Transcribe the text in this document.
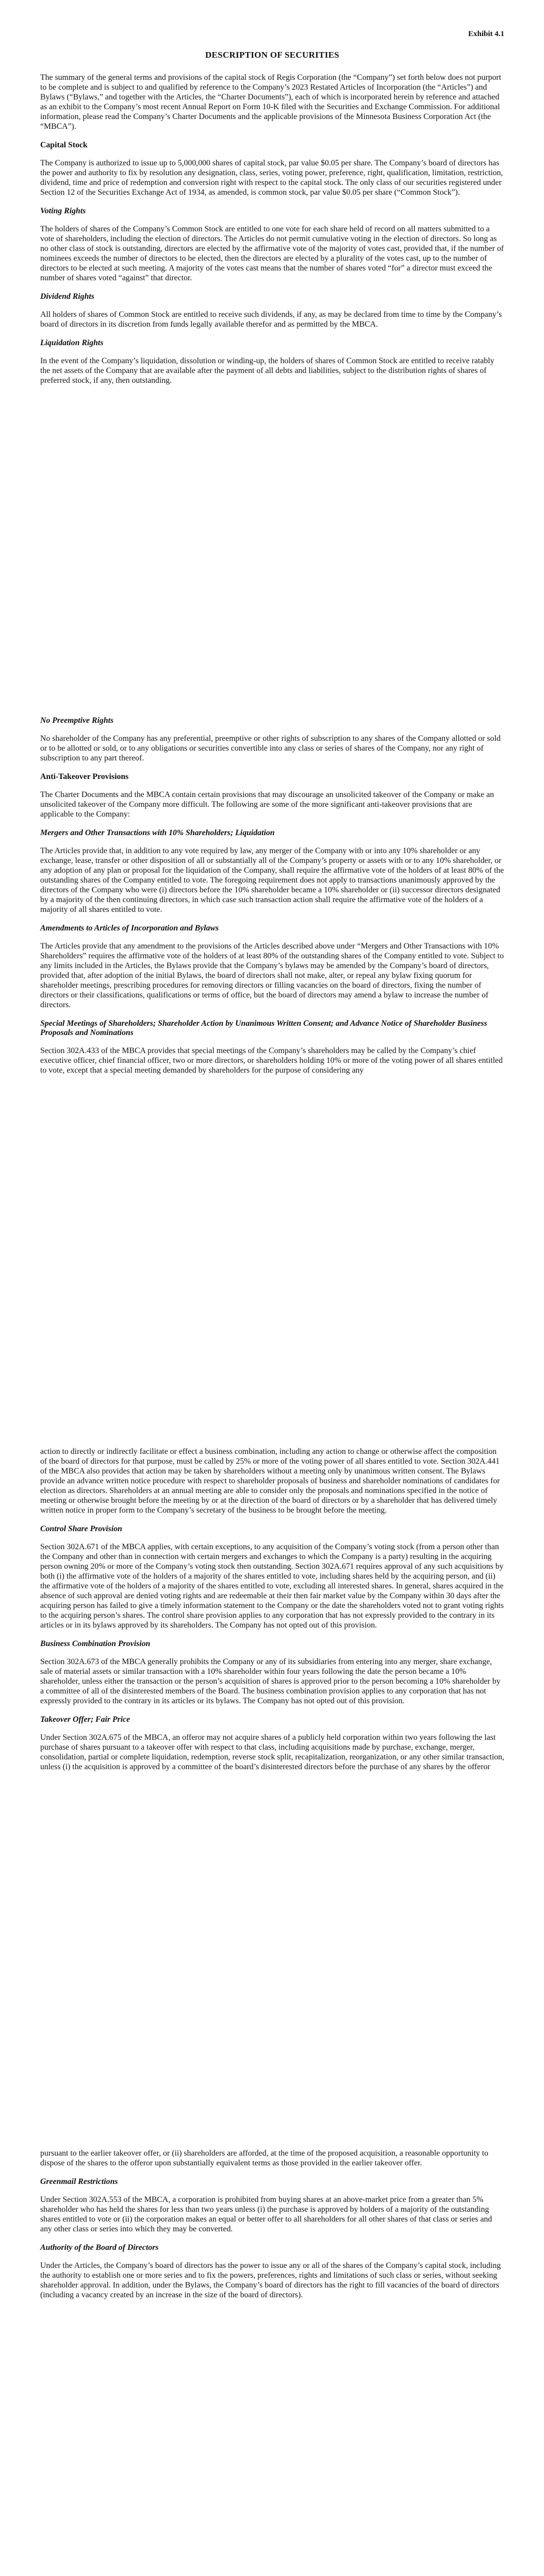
Exhibit 4.1
DESCRIPTION OF SECURITIES

The summary of the general terms and provisions of the capital stock of Regis Corporation (the “Company”) set forth below does not purport to be complete and is subject to and qualified by reference to the Company’s 2023 Restated Articles of Incorporation (the “Articles”) and Bylaws (“Bylaws,” and together with the Articles, the “Charter Documents”), each of which is incorporated herein by reference and attached as an exhibit to the Company’s most recent Annual Report on Form 10-K filed with the Securities and Exchange Commission. For additional information, please read the Company’s Charter Documents and the applicable provisions of the Minnesota Business Corporation Act (the “MBCA”).

Capital Stock

The Company is authorized to issue up to 5,000,000 shares of capital stock, par value $0.05 per share. The Company’s board of directors has the power and authority to fix by resolution any designation, class, series, voting power, preference, right, qualification, limitation, restriction, dividend, time and price of redemption and conversion right with respect to the capital stock. The only class of our securities registered under Section 12 of the Securities Exchange Act of 1934, as amended, is common stock, par value $0.05 per share (“Common Stock”).

Voting Rights

The holders of shares of the Company’s Common Stock are entitled to one vote for each share held of record on all matters submitted to a vote of shareholders, including the election of directors. The Articles do not permit cumulative voting in the election of directors. So long as no other class of stock is outstanding, directors are elected by the affirmative vote of the majority of votes cast, provided that, if the number of nominees exceeds the number of directors to be elected, then the directors are elected by a plurality of the votes cast, up to the number of directors to be elected at such meeting. A majority of the votes cast means that the number of shares voted “for” a director must exceed the number of shares voted “against” that director.

Dividend Rights

All holders of shares of Common Stock are entitled to receive such dividends, if any, as may be declared from time to time by the Company’s board of directors in its discretion from funds legally available therefor and as permitted by the MBCA.

Liquidation Rights

In the event of the Company’s liquidation, dissolution or winding-up, the holders of shares of Common Stock are entitled to receive ratably the net assets of the Company that are available after the payment of all debts and liabilities, subject to the distribution rights of shares of preferred stock, if any, then outstanding.

No Preemptive Rights

No shareholder of the Company has any preferential, preemptive or other rights of subscription to any shares of the Company allotted or sold or to be allotted or sold, or to any obligations or securities convertible into any class or series of shares of the Company, nor any right of subscription to any part thereof.

Anti-Takeover Provisions

The Charter Documents and the MBCA contain certain provisions that may discourage an unsolicited takeover of the Company or make an unsolicited takeover of the Company more difficult. The following are some of the more significant anti-takeover provisions that are applicable to the Company:

Mergers and Other Transactions with 10% Shareholders; Liquidation

The Articles provide that, in addition to any vote required by law, any merger of the Company with or into any 10% shareholder or any exchange, lease, transfer or other disposition of all or substantially all of the Company’s property or assets with or to any 10% shareholder, or any adoption of any plan or proposal for the liquidation of the Company, shall require the affirmative vote of the holders of at least 80% of the outstanding shares of the Company entitled to vote. The foregoing requirement does not apply to transactions unanimously approved by the directors of the Company who were (i) directors before the 10% shareholder became a 10% shareholder or (ii) successor directors designated by a majority of the then continuing directors, in which case such transaction action shall require the affirmative vote of the holders of a majority of all shares entitled to vote.

Amendments to Articles of Incorporation and Bylaws

The Articles provide that any amendment to the provisions of the Articles described above under “Mergers and Other Transactions with 10% Shareholders” requires the affirmative vote of the holders of at least 80% of the outstanding shares of the Company entitled to vote. Subject to any limits included in the Articles, the Bylaws provide that the Company’s bylaws may be amended by the Company’s board of directors, provided that, after adoption of the initial Bylaws, the board of directors shall not make, alter, or repeal any bylaw fixing quorum for shareholder meetings, prescribing procedures for removing directors or filling vacancies on the board of directors, fixing the number of directors or their classifications, qualifications or terms of office, but the board of directors may amend a bylaw to increase the number of directors.

Special Meetings of Shareholders; Shareholder Action by Unanimous Written Consent; and Advance Notice of Shareholder Business Proposals and Nominations

Section 302A.433 of the MBCA provides that special meetings of the Company’s shareholders may be called by the Company’s chief executive officer, chief financial officer, two or more directors, or shareholders holding 10% or more of the voting power of all shares entitled to vote, except that a special meeting demanded by shareholders for the purpose of considering any

action to directly or indirectly facilitate or effect a business combination, including any action to change or otherwise affect the composition of the board of directors for that purpose, must be called by 25% or more of the voting power of all shares entitled to vote. Section 302A.441 of the MBCA also provides that action may be taken by shareholders without a meeting only by unanimous written consent. The Bylaws provide an advance written notice procedure with respect to shareholder proposals of business and shareholder nominations of candidates for election as directors. Shareholders at an annual meeting are able to consider only the proposals and nominations specified in the notice of meeting or otherwise brought before the meeting by or at the direction of the board of directors or by a shareholder that has delivered timely written notice in proper form to the Company’s secretary of the business to be brought before the meeting.

Control Share Provision

Section 302A.671 of the MBCA applies, with certain exceptions, to any acquisition of the Company’s voting stock (from a person other than the Company and other than in connection with certain mergers and exchanges to which the Company is a party) resulting in the acquiring person owning 20% or more of the Company’s voting stock then outstanding. Section 302A.671 requires approval of any such acquisitions by both (i) the affirmative vote of the holders of a majority of the shares entitled to vote, including shares held by the acquiring person, and (ii) the affirmative vote of the holders of a majority of the shares entitled to vote, excluding all interested shares. In general, shares acquired in the absence of such approval are denied voting rights and are redeemable at their then fair market value by the Company within 30 days after the acquiring person has failed to give a timely information statement to the Company or the date the shareholders voted not to grant voting rights to the acquiring person’s shares. The control share provision applies to any corporation that has not expressly provided to the contrary in its articles or in its bylaws approved by its shareholders. The Company has not opted out of this provision.

Business Combination Provision

Section 302A.673 of the MBCA generally prohibits the Company or any of its subsidiaries from entering into any merger, share exchange, sale of material assets or similar transaction with a 10% shareholder within four years following the date the person became a 10% shareholder, unless either the transaction or the person’s acquisition of shares is approved prior to the person becoming a 10% shareholder by a committee of all of the disinterested members of the Board. The business combination provision applies to any corporation that has not expressly provided to the contrary in its articles or its bylaws. The Company has not opted out of this provision.

Takeover Offer; Fair Price

Under Section 302A.675 of the MBCA, an offeror may not acquire shares of a publicly held corporation within two years following the last purchase of shares pursuant to a takeover offer with respect to that class, including acquisitions made by purchase, exchange, merger, consolidation, partial or complete liquidation, redemption, reverse stock split, recapitalization, reorganization, or any other similar transaction, unless (i) the acquisition is approved by a committee of the board’s disinterested directors before the purchase of any shares by the offeror

pursuant to the earlier takeover offer, or (ii) shareholders are afforded, at the time of the proposed acquisition, a reasonable opportunity to dispose of the shares to the offeror upon substantially equivalent terms as those provided in the earlier takeover offer.

Greenmail Restrictions

Under Section 302A.553 of the MBCA, a corporation is prohibited from buying shares at an above-market price from a greater than 5% shareholder who has held the shares for less than two years unless (i) the purchase is approved by holders of a majority of the outstanding shares entitled to vote or (ii) the corporation makes an equal or better offer to all shareholders for all other shares of that class or series and any other class or series into which they may be converted.

Authority of the Board of Directors

Under the Articles, the Company’s board of directors has the power to issue any or all of the shares of the Company’s capital stock, including the authority to establish one or more series and to fix the powers, preferences, rights and limitations of such class or series, without seeking shareholder approval. In addition, under the Bylaws, the Company’s board of directors has the right to fill vacancies of the board of directors (including a vacancy created by an increase in the size of the board of directors).
